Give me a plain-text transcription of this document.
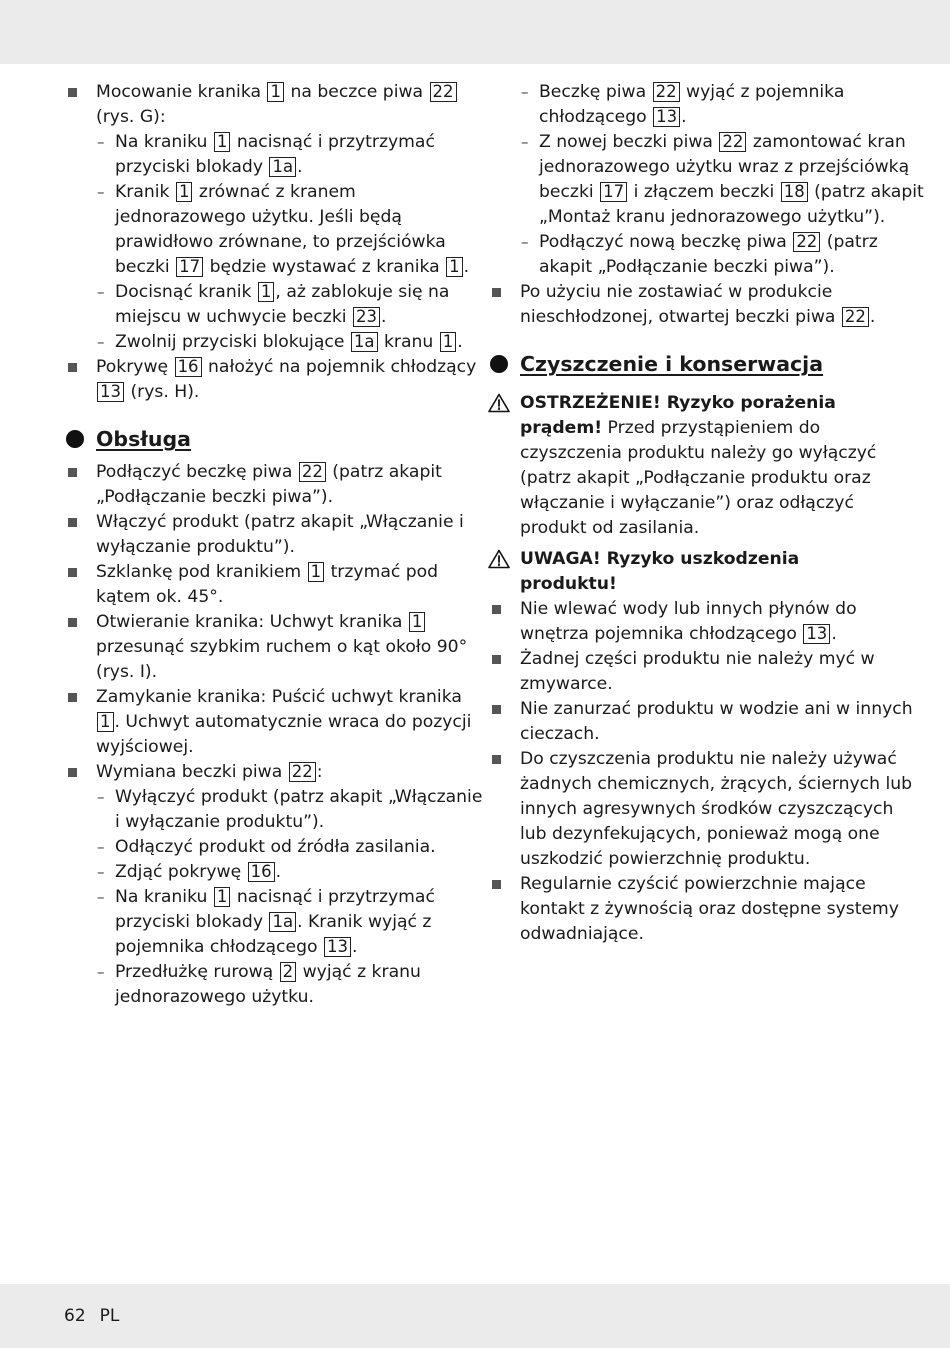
Mocowanie kranika 1 na beczce piwa 22
(rys. G):
– Na kraniku 1 nacisnąć i przytrzymać
przyciski blokady 1a .
– Kranik 1 zrównać z kranem
jednorazowego użytku. Jeśli będą
prawidłowo zrównane, to przejściówka
beczki 17 będzie wystawać z kranika 1 .
– Docisnąć kranik 1 , aż zablokuje się na
miejscu w uchwycie beczki 23 .
– Zwolnij przyciski blokujące 1a kranu 1 .
Pokrywę 16 nałożyć na pojemnik chłodzący
13 (rys. H).
Obsługa
Podłączyć beczkę piwa 22 (patrz akapit
„Podłączanie beczki piwa”).
Włączyć produkt (patrz akapit „Włączanie i
wyłączanie produktu”).
Szklankę pod kranikiem 1 trzymać pod
kątem ok. 45°.
Otwieranie kranika: Uchwyt kranika 1
przesunąć szybkim ruchem o kąt około 90°
(rys. I).
Zamykanie kranika: Puścić uchwyt kranika
1 . Uchwyt automatycznie wraca do pozycji
wyjściowej.
Wymiana beczki piwa 22 :
– Wyłączyć produkt (patrz akapit „Włączanie
i wyłączanie produktu”).
– Odłączyć produkt od źródła zasilania.
– Zdjąć pokrywę 16 .
– Na kraniku 1 nacisnąć i przytrzymać
przyciski blokady 1a . Kranik wyjąć z
pojemnika chłodzącego 13 .
– Przedłużkę rurową 2 wyjąć z kranu
jednorazowego użytku.
– Beczkę piwa 22 wyjąć z pojemnika
chłodzącego 13 .
– Z nowej beczki piwa 22 zamontować kran
jednorazowego użytku wraz z przejściówką
beczki 17 i złączem beczki 18 (patrz akapit
„Montaż kranu jednorazowego użytku”).
– Podłączyć nową beczkę piwa 22 (patrz
akapit „Podłączanie beczki piwa”).
Po użyciu nie zostawiać w produkcie
nieschłodzonej, otwartej beczki piwa 22 .
Czyszczenie i konserwacja
OSTRZEŻENIE! Ryzyko porażenia
prądem! Przed przystąpieniem do
czyszczenia produktu należy go wyłączyć
(patrz akapit „Podłączanie produktu oraz
włączanie i wyłączanie”) oraz odłączyć
produkt od zasilania.
UWAGA! Ryzyko uszkodzenia
produktu!
Nie wlewać wody lub innych płynów do
wnętrza pojemnika chłodzącego 13 .
Żadnej części produktu nie należy myć w
zmywarce.
Nie zanurzać produktu w wodzie ani w innych
cieczach.
Do czyszczenia produktu nie należy używać
żadnych chemicznych, żrących, ściernych lub
innych agresywnych środków czyszczących
lub dezynfekujących, ponieważ mogą one
uszkodzić powierzchnię produktu.
Regularnie czyścić powierzchnie mające
kontakt z żywnością oraz dostępne systemy
odwadniające.
62 PL
